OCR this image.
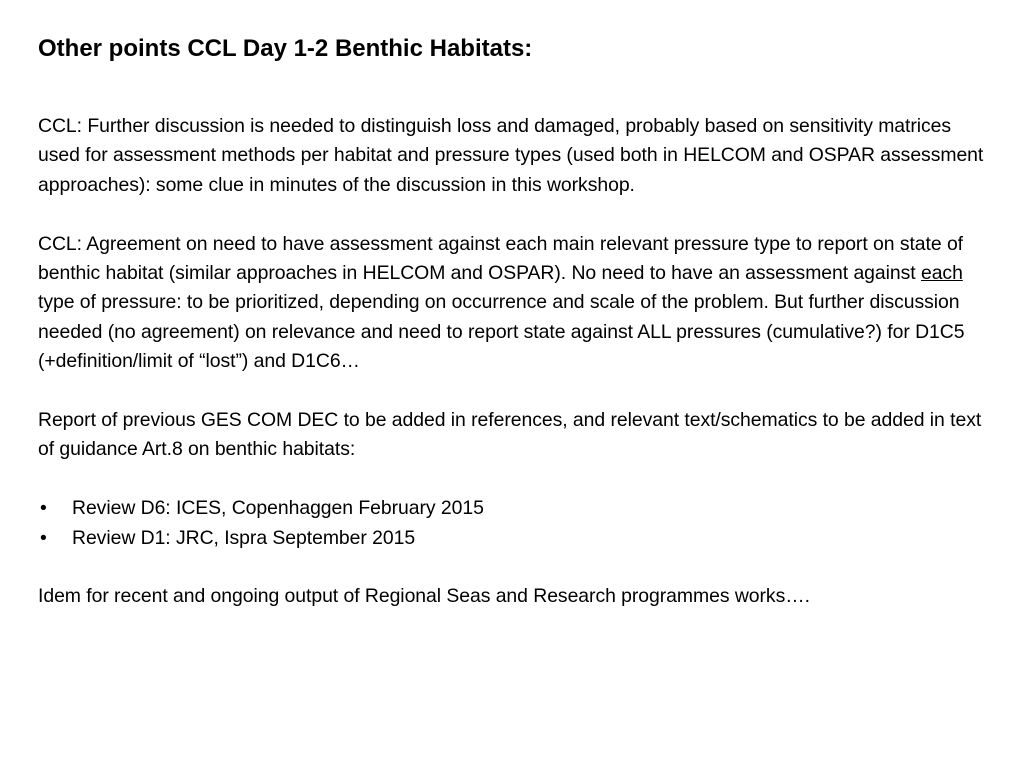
Other points CCL Day 1-2 Benthic Habitats:

CCL: Further discussion is needed to distinguish loss and damaged, probably based on sensitivity matrices used for assessment methods per habitat and pressure types (used both in HELCOM and OSPAR assessment approaches): some clue in minutes of the discussion in this workshop.

CCL: Agreement on need to have assessment against each main relevant pressure type to report on state of benthic habitat (similar approaches in HELCOM and OSPAR). No need to have an assessment against each type of pressure: to be prioritized, depending on occurrence and scale of the problem. But further discussion needed (no agreement) on relevance and need to report state against ALL pressures (cumulative?) for D1C5 (+definition/limit of “lost”) and D1C6…

Report of previous GES COM DEC to be added in references, and relevant text/schematics to be added in text of guidance Art.8 on benthic habitats:

• Review D6: ICES, Copenhaggen February 2015
• Review D1: JRC, Ispra September 2015

Idem for recent and ongoing output of Regional Seas and Research programmes works….
